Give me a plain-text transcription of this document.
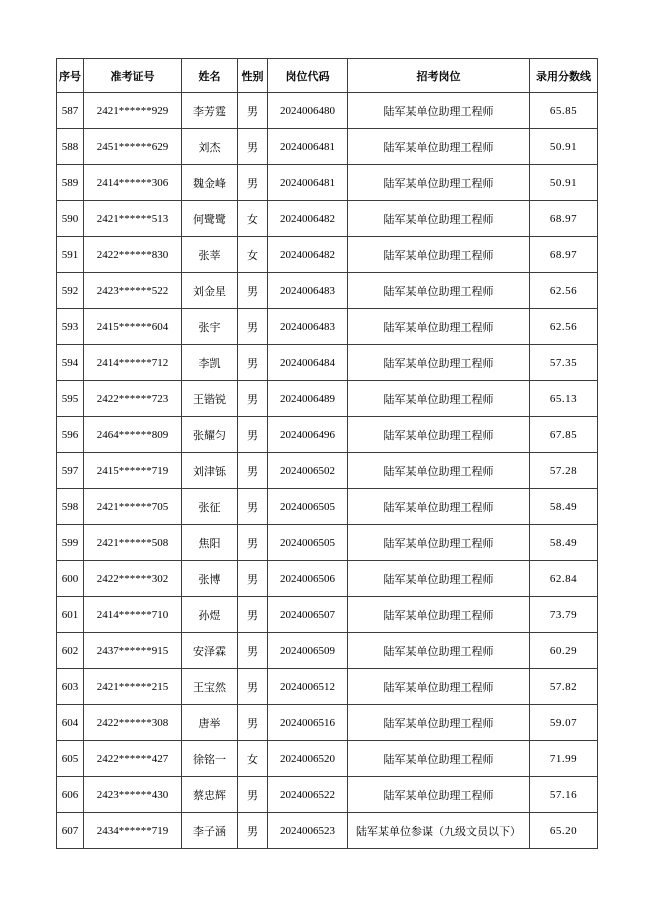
序号	准考证号	姓名	性别	岗位代码	招考岗位	录用分数线
587	2421******929	李芳霆	男	2024006480	陆军某单位助理工程师	65.85
588	2451******629	刘杰	男	2024006481	陆军某单位助理工程师	50.91
589	2414******306	魏金峰	男	2024006481	陆军某单位助理工程师	50.91
590	2421******513	何鹭鹭	女	2024006482	陆军某单位助理工程师	68.97
591	2422******830	张莘	女	2024006482	陆军某单位助理工程师	68.97
592	2423******522	刘金星	男	2024006483	陆军某单位助理工程师	62.56
593	2415******604	张宇	男	2024006483	陆军某单位助理工程师	62.56
594	2414******712	李凯	男	2024006484	陆军某单位助理工程师	57.35
595	2422******723	王锴锐	男	2024006489	陆军某单位助理工程师	65.13
596	2464******809	张耀匀	男	2024006496	陆军某单位助理工程师	67.85
597	2415******719	刘津铄	男	2024006502	陆军某单位助理工程师	57.28
598	2421******705	张征	男	2024006505	陆军某单位助理工程师	58.49
599	2421******508	焦阳	男	2024006505	陆军某单位助理工程师	58.49
600	2422******302	张博	男	2024006506	陆军某单位助理工程师	62.84
601	2414******710	孙煜	男	2024006507	陆军某单位助理工程师	73.79
602	2437******915	安泽霖	男	2024006509	陆军某单位助理工程师	60.29
603	2421******215	王宝然	男	2024006512	陆军某单位助理工程师	57.82
604	2422******308	唐举	男	2024006516	陆军某单位助理工程师	59.07
605	2422******427	徐铭一	女	2024006520	陆军某单位助理工程师	71.99
606	2423******430	蔡忠辉	男	2024006522	陆军某单位助理工程师	57.16
607	2434******719	李子涵	男	2024006523	陆军某单位参谋（九级文员以下）	65.20
